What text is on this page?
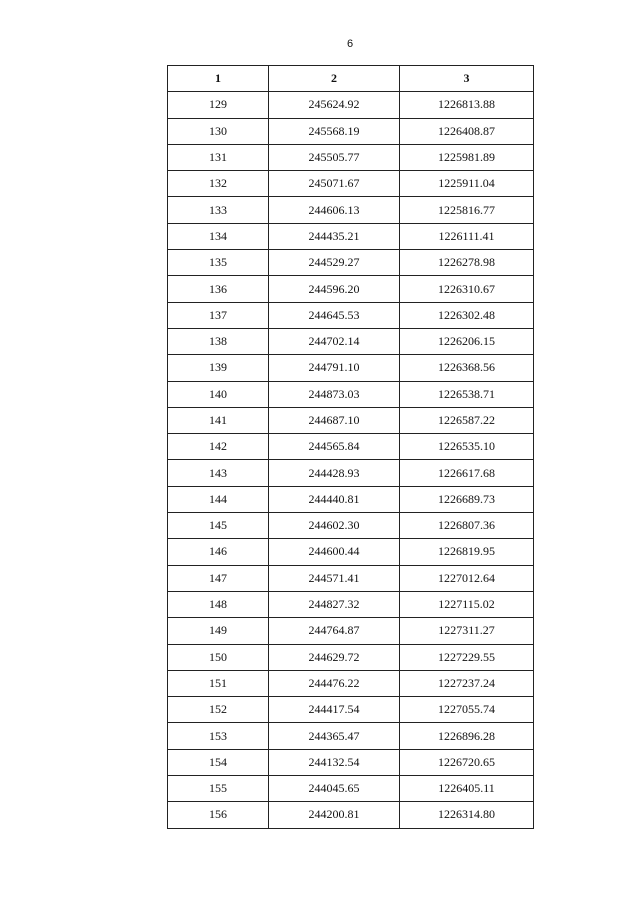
6
1	2	3
129	245624.92	1226813.88
130	245568.19	1226408.87
131	245505.77	1225981.89
132	245071.67	1225911.04
133	244606.13	1225816.77
134	244435.21	1226111.41
135	244529.27	1226278.98
136	244596.20	1226310.67
137	244645.53	1226302.48
138	244702.14	1226206.15
139	244791.10	1226368.56
140	244873.03	1226538.71
141	244687.10	1226587.22
142	244565.84	1226535.10
143	244428.93	1226617.68
144	244440.81	1226689.73
145	244602.30	1226807.36
146	244600.44	1226819.95
147	244571.41	1227012.64
148	244827.32	1227115.02
149	244764.87	1227311.27
150	244629.72	1227229.55
151	244476.22	1227237.24
152	244417.54	1227055.74
153	244365.47	1226896.28
154	244132.54	1226720.65
155	244045.65	1226405.11
156	244200.81	1226314.80
